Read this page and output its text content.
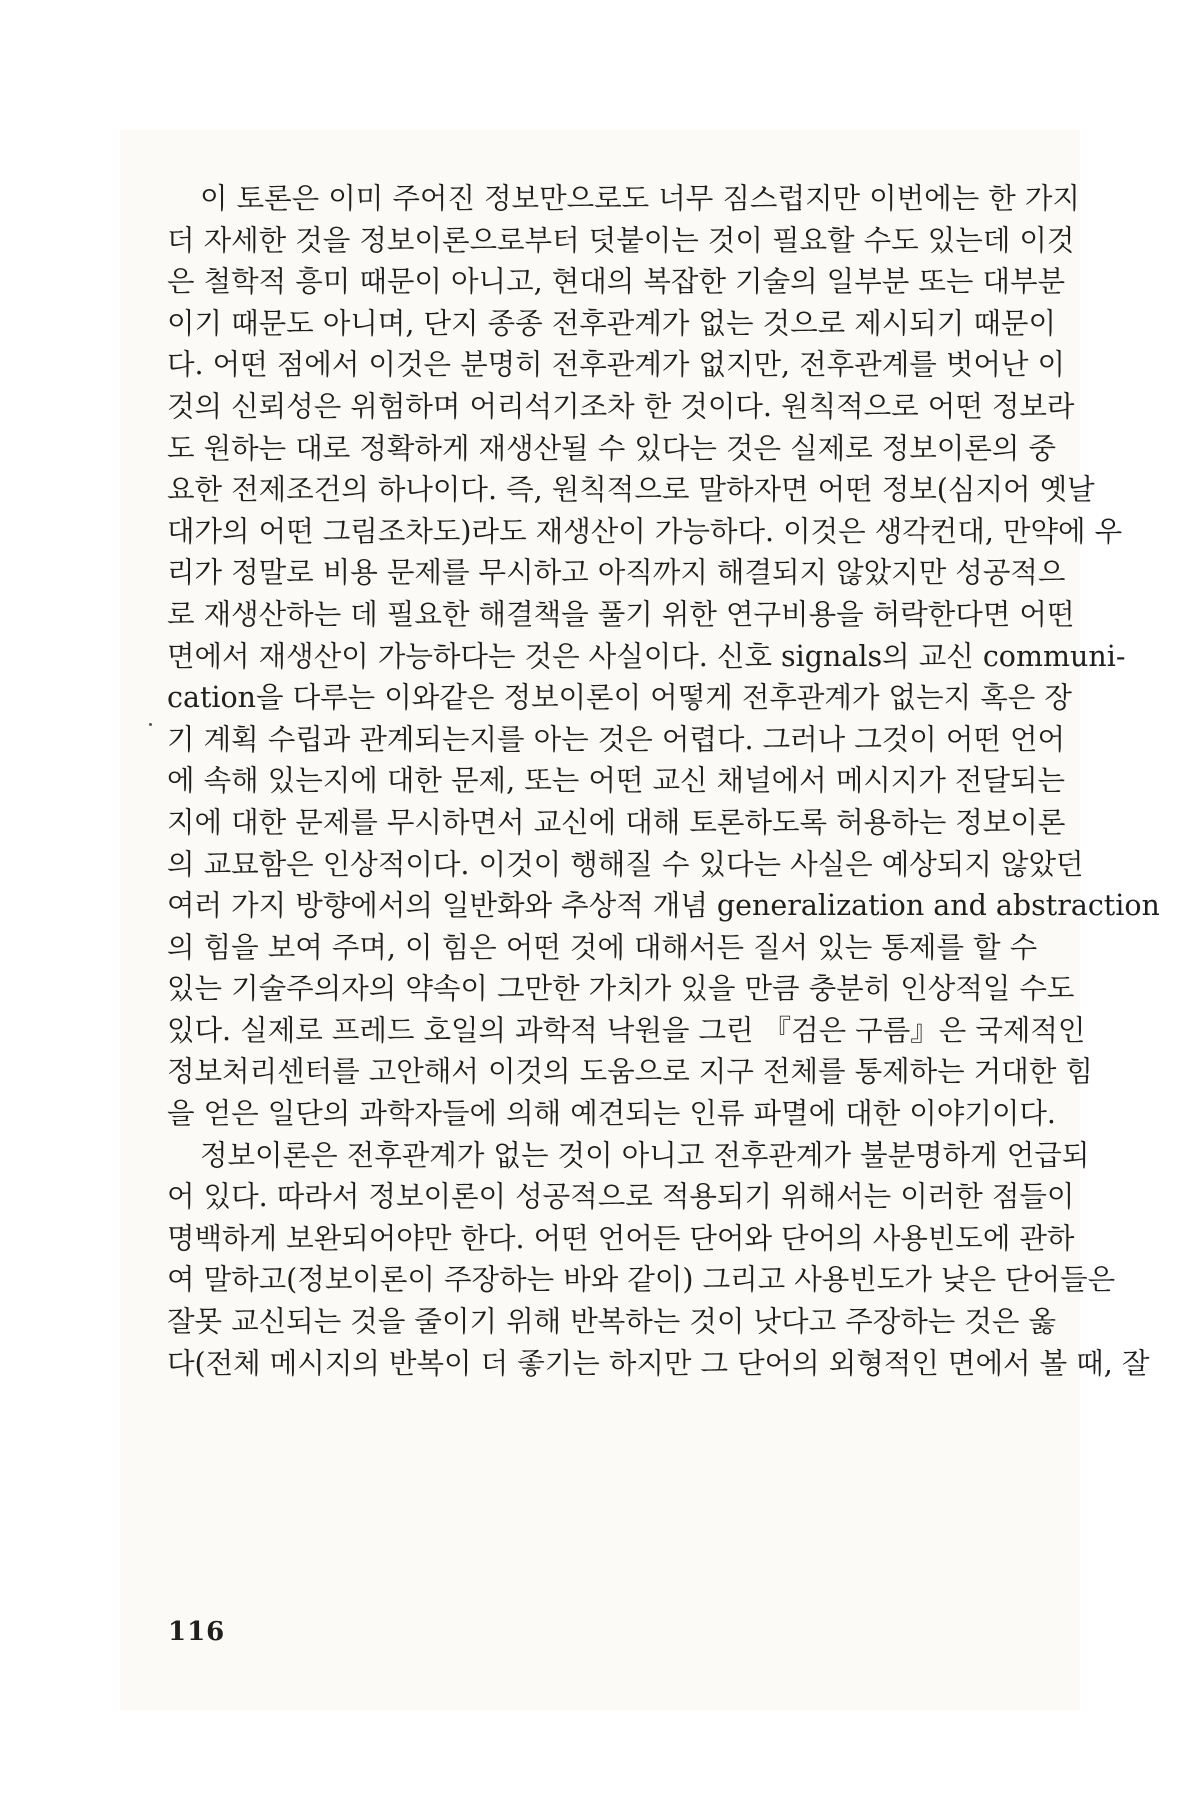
이 토론은 이미 주어진 정보만으로도 너무 짐스럽지만 이번에는 한 가지
더 자세한 것을 정보이론으로부터 덧붙이는 것이 필요할 수도 있는데 이것
은 철학적 흥미 때문이 아니고, 현대의 복잡한 기술의 일부분 또는 대부분
이기 때문도 아니며, 단지 종종 전후관계가 없는 것으로 제시되기 때문이
다. 어떤 점에서 이것은 분명히 전후관계가 없지만, 전후관계를 벗어난 이
것의 신뢰성은 위험하며 어리석기조차 한 것이다. 원칙적으로 어떤 정보라
도 원하는 대로 정확하게 재생산될 수 있다는 것은 실제로 정보이론의 중
요한 전제조건의 하나이다. 즉, 원칙적으로 말하자면 어떤 정보(심지어 옛날
대가의 어떤 그림조차도)라도 재생산이 가능하다. 이것은 생각컨대, 만약에 우
리가 정말로 비용 문제를 무시하고 아직까지 해결되지 않았지만 성공적으
로 재생산하는 데 필요한 해결책을 풀기 위한 연구비용을 허락한다면 어떤
면에서 재생산이 가능하다는 것은 사실이다. 신호 signals의 교신 communi-
cation을 다루는 이와같은 정보이론이 어떻게 전후관계가 없는지 혹은 장
기 계획 수립과 관계되는지를 아는 것은 어렵다. 그러나 그것이 어떤 언어
에 속해 있는지에 대한 문제, 또는 어떤 교신 채널에서 메시지가 전달되는
지에 대한 문제를 무시하면서 교신에 대해 토론하도록 허용하는 정보이론
의 교묘함은 인상적이다. 이것이 행해질 수 있다는 사실은 예상되지 않았던
여러 가지 방향에서의 일반화와 추상적 개념 generalization and abstraction
의 힘을 보여 주며, 이 힘은 어떤 것에 대해서든 질서 있는 통제를 할 수
있는 기술주의자의 약속이 그만한 가치가 있을 만큼 충분히 인상적일 수도
있다. 실제로 프레드 호일의 과학적 낙원을 그린 『검은 구름』은 국제적인
정보처리센터를 고안해서 이것의 도움으로 지구 전체를 통제하는 거대한 힘
을 얻은 일단의 과학자들에 의해 예견되는 인류 파멸에 대한 이야기이다.
정보이론은 전후관계가 없는 것이 아니고 전후관계가 불분명하게 언급되
어 있다. 따라서 정보이론이 성공적으로 적용되기 위해서는 이러한 점들이
명백하게 보완되어야만 한다. 어떤 언어든 단어와 단어의 사용빈도에 관하
여 말하고(정보이론이 주장하는 바와 같이) 그리고 사용빈도가 낮은 단어들은
잘못 교신되는 것을 줄이기 위해 반복하는 것이 낫다고 주장하는 것은 옳
다(전체 메시지의 반복이 더 좋기는 하지만 그 단어의 외형적인 면에서 볼 때, 잘
116
